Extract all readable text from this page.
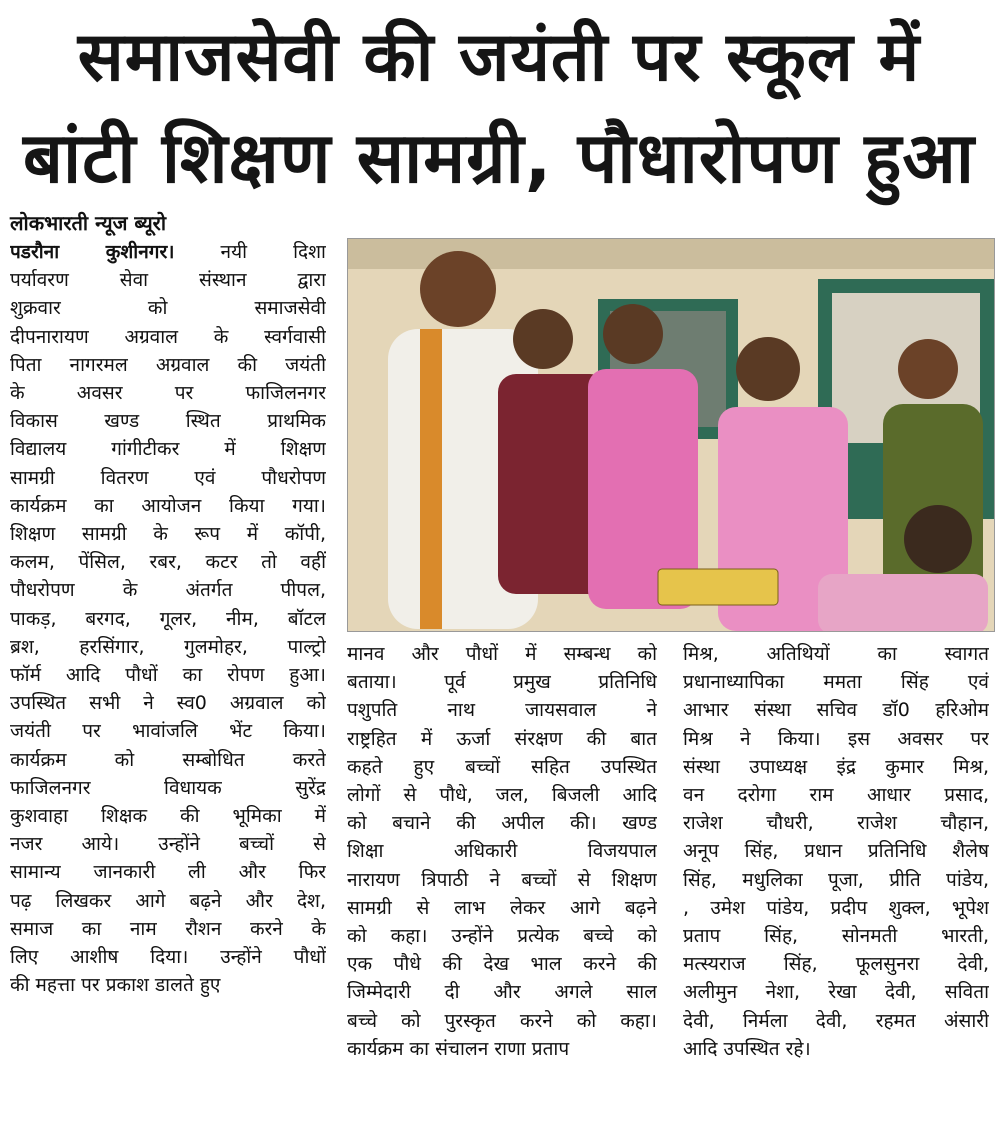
समाजसेवी की जयंती पर स्कूल में
बांटी शिक्षण सामग्री, पौधारोपण हुआ
लोकभारती न्यूज ब्यूरो
पडरौना कुशीनगर। नयी दिशा
पर्यावरण सेवा संस्थान द्वारा
शुक्रवार को समाजसेवी
दीपनारायण अग्रवाल के स्वर्गवासी
पिता नागरमल अग्रवाल की जयंती
के अवसर पर फाजिलनगर
विकास खण्ड स्थित प्राथमिक
विद्यालय गांगीटीकर में शिक्षण
सामग्री वितरण एवं पौधरोपण
कार्यक्रम का आयोजन किया गया।
शिक्षण सामग्री के रूप में कॉपी,
कलम, पेंसिल, रबर, कटर तो वहीं
पौधरोपण के अंतर्गत पीपल,
पाकड़, बरगद, गूलर, नीम, बॉटल
ब्रश, हरसिंगार, गुलमोहर, पाल्ट्रो
फॉर्म आदि पौधों का रोपण हुआ।
उपस्थित सभी ने स्व0 अग्रवाल को
जयंती पर भावांजलि भेंट किया।
कार्यक्रम को सम्बोधित करते
फाजिलनगर विधायक सुरेंद्र
कुशवाहा शिक्षक की भूमिका में
नजर आये। उन्होंने बच्चों से
सामान्य जानकारी ली और फिर
पढ़ लिखकर आगे बढ़ने और देश,
समाज का नाम रौशन करने के
लिए आशीष दिया। उन्होंने पौधों
की महत्ता पर प्रकाश डालते हुए
मानव और पौधों में सम्बन्ध को
बताया। पूर्व प्रमुख प्रतिनिधि
पशुपति नाथ जायसवाल ने
राष्ट्रहित में ऊर्जा संरक्षण की बात
कहते हुए बच्चों सहित उपस्थित
लोगों से पौधे, जल, बिजली आदि
को बचाने की अपील की। खण्ड
शिक्षा अधिकारी विजयपाल
नारायण त्रिपाठी ने बच्चों से शिक्षण
सामग्री से लाभ लेकर आगे बढ़ने
को कहा। उन्होंने प्रत्येक बच्चे को
एक पौधे की देख भाल करने की
जिम्मेदारी दी और अगले साल
बच्चे को पुरस्कृत करने को कहा।
कार्यक्रम का संचालन राणा प्रताप
मिश्र, अतिथियों का स्वागत
प्रधानाध्यापिका ममता सिंह एवं
आभार संस्था सचिव डॉ0 हरिओम
मिश्र ने किया। इस अवसर पर
संस्था उपाध्यक्ष इंद्र कुमार मिश्र,
वन दरोगा राम आधार प्रसाद,
राजेश चौधरी, राजेश चौहान,
अनूप सिंह, प्रधान प्रतिनिधि शैलेष
सिंह, मधुलिका पूजा, प्रीति पांडेय,
, उमेश पांडेय, प्रदीप शुक्ल, भूपेश
प्रताप सिंह, सोनमती भारती,
मत्स्यराज सिंह, फूलसुनरा देवी,
अलीमुन नेशा, रेखा देवी, सविता
देवी, निर्मला देवी, रहमत अंसारी
आदि उपस्थित रहे।
